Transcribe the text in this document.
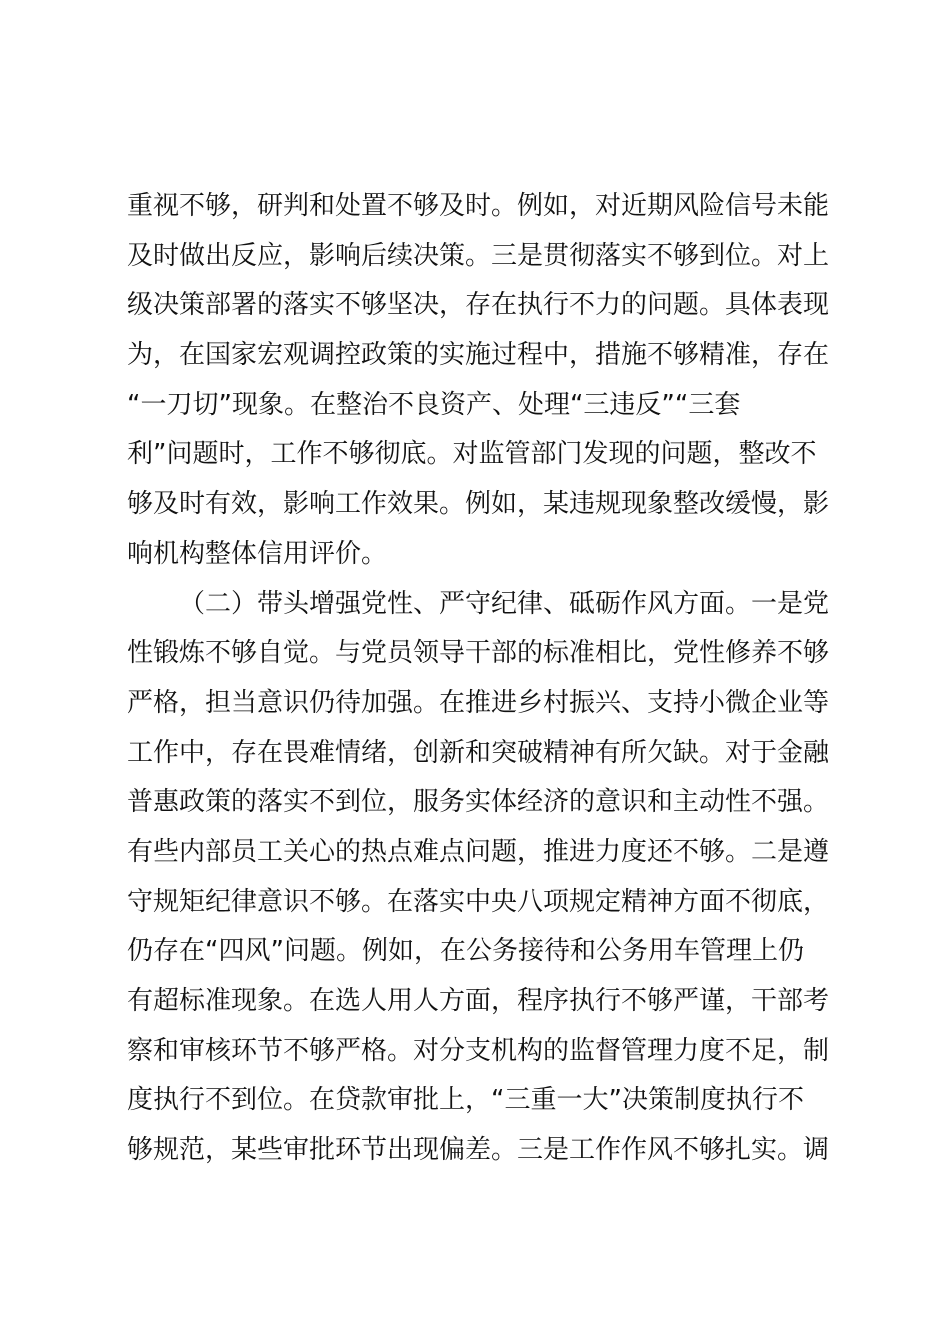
重视不够，研判和处置不够及时。例如，对近期风险信号未能
及时做出反应，影响后续决策。三是贯彻落实不够到位。对上
级决策部署的落实不够坚决，存在执行不力的问题。具体表现
为，在国家宏观调控政策的实施过程中，措施不够精准，存在
“一刀切”现象。在整治不良资产、处理“三违反”“三套
利”问题时，工作不够彻底。对监管部门发现的问题，整改不
够及时有效，影响工作效果。例如，某违规现象整改缓慢，影
响机构整体信用评价。
（二）带头增强党性、严守纪律、砥砺作风方面。一是党
性锻炼不够自觉。与党员领导干部的标准相比，党性修养不够
严格，担当意识仍待加强。在推进乡村振兴、支持小微企业等
工作中，存在畏难情绪，创新和突破精神有所欠缺。对于金融
普惠政策的落实不到位，服务实体经济的意识和主动性不强。
有些内部员工关心的热点难点问题，推进力度还不够。二是遵
守规矩纪律意识不够。在落实中央八项规定精神方面不彻底，
仍存在“四风”问题。例如，在公务接待和公务用车管理上仍
有超标准现象。在选人用人方面，程序执行不够严谨，干部考
察和审核环节不够严格。对分支机构的监督管理力度不足，制
度执行不到位。在贷款审批上，“三重一大”决策制度执行不
够规范，某些审批环节出现偏差。三是工作作风不够扎实。调
